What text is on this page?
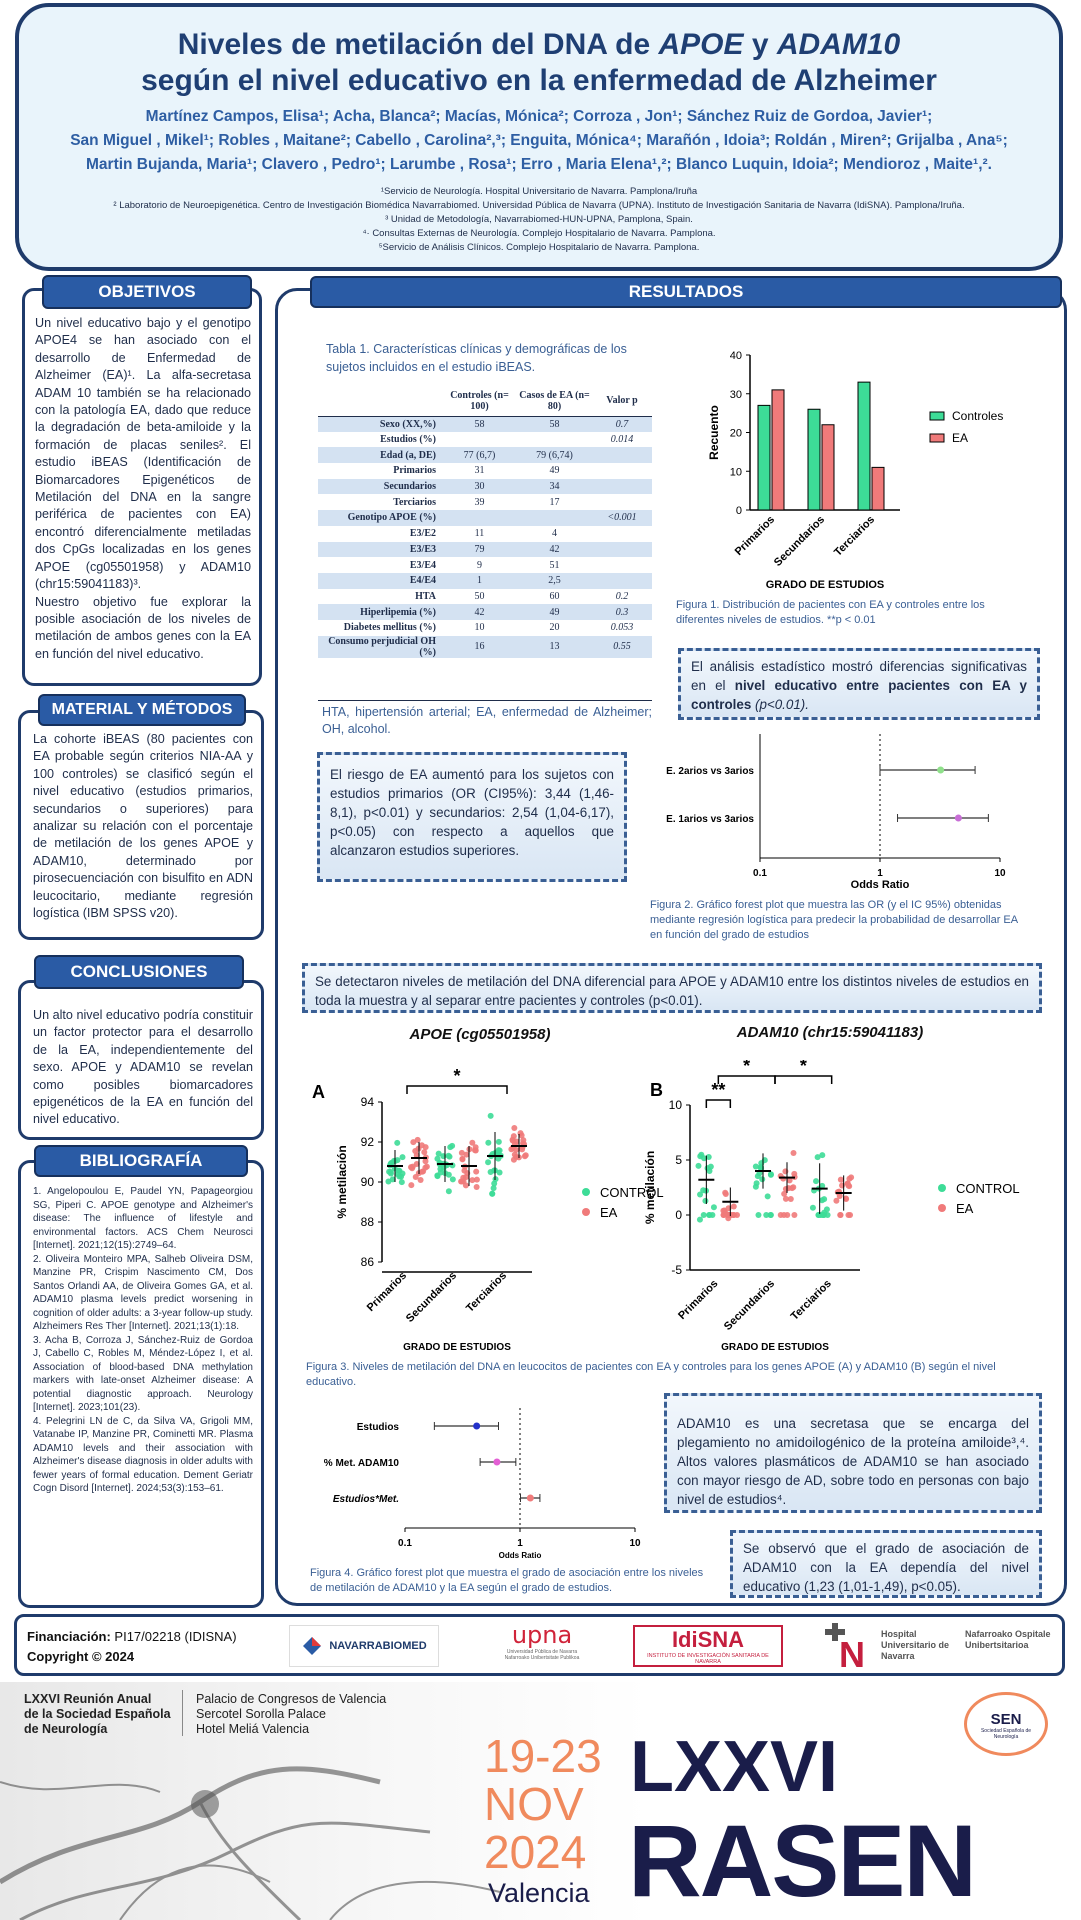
Niveles de metilación del DNA de APOE y ADAM10
según el nivel educativo en la enfermedad de Alzheimer
Martínez Campos, Elisa¹; Acha, Blanca²; Macías, Mónica²; Corroza , Jon¹; Sánchez Ruiz de Gordoa, Javier¹;
San Miguel , Mikel¹; Robles , Maitane²; Cabello , Carolina²,³; Enguita, Mónica⁴; Marañón , Idoia³; Roldán , Miren²; Grijalba , Ana⁵;
Martin Bujanda, Maria¹; Clavero , Pedro¹; Larumbe , Rosa¹; Erro , Maria Elena¹,²; Blanco Luquin, Idoia²; Mendioroz , Maite¹,².
¹Servicio de Neurología. Hospital Universitario de Navarra. Pamplona/Iruña
² Laboratorio de Neuroepigenética. Centro de Investigación Biomédica Navarrabiomed. Universidad Pública de Navarra (UPNA). Instituto de Investigación Sanitaria de Navarra (IdiSNA). Pamplona/Iruña.
³ Unidad de Metodología, Navarrabiomed-HUN-UPNA, Pamplona, Spain.
⁴· Consultas Externas de Neurología. Complejo Hospitalario de Navarra. Pamplona.
⁵Servicio de Análisis Clínicos. Complejo Hospitalario de Navarra. Pamplona.

Un nivel educativo bajo y el genotipo APOE4 se han asociado con el desarrollo de Enfermedad de Alzheimer (EA)¹. La alfa-secretasa ADAM 10 también se ha relacionado con la patología EA, dado que reduce la degradación de beta-amiloide y la formación de placas seniles². El estudio iBEAS (Identificación de Biomarcadores Epigenéticos de Metilación del DNA en la sangre periférica de pacientes con EA) encontró diferencialmente metiladas dos CpGs localizadas en los genes APOE (cg05501958) y ADAM10 (chr15:59041183)³.

Nuestro objetivo fue explorar la posible asociación de los niveles de metilación de ambos genes con la EA en función del nivel educativo.

OBJETIVOS
La cohorte iBEAS (80 pacientes con EA probable según criterios NIA-AA y 100 controles) se clasificó según el nivel educativo (estudios primarios, secundarios o superiores) para analizar su relación con el porcentaje de metilación de los genes APOE y ADAM10, determinado por pirosecuenciación con bisulfito en ADN leucocitario, mediante regresión logística (IBM SPSS v20).
MATERIAL Y MÉTODOS
Un alto nivel educativo podría constituir un factor protector para el desarrollo de la EA, independientemente del sexo. APOE y ADAM10 se revelan como posibles biomarcadores epigenéticos de la EA en función del nivel educativo.
CONCLUSIONES

1. Angelopoulou E, Paudel YN, Papageorgiou SG, Piperi C. APOE genotype and Alzheimer's disease: The influence of lifestyle and environmental factors. ACS Chem Neurosci [Internet]. 2021;12(15):2749–64.

2. Oliveira Monteiro MPA, Salheb Oliveira DSM, Manzine PR, Crispim Nascimento CM, Dos Santos Orlandi AA, de Oliveira Gomes GA, et al. ADAM10 plasma levels predict worsening in cognition of older adults: a 3-year follow-up study. Alzheimers Res Ther [Internet]. 2021;13(1):18.

3. Acha B, Corroza J, Sánchez-Ruiz de Gordoa J, Cabello C, Robles M, Méndez-López I, et al. Association of blood-based DNA methylation markers with late-onset Alzheimer disease: A potential diagnostic approach. Neurology [Internet]. 2023;101(23).

4. Pelegrini LN de C, da Silva VA, Grigoli MM, Vatanabe IP, Manzine PR, Cominetti MR. Plasma ADAM10 levels and their association with Alzheimer's disease diagnosis in older adults with fewer years of formal education. Dement Geriatr Cogn Disord [Internet]. 2024;53(3):153–61.

BIBLIOGRAFÍA
RESULTADOS
Tabla 1. Características clínicas y demográficas de los sujetos incluidos en el estudio iBEAS.
	Controles (n= 100)	Casos de EA (n= 80)	Valor p
Sexo (XX,%)	58	58	0.7
Estudios (%)			0.014
Edad (a, DE)	77 (6,7)	79 (6,74)	
Primarios	31	49	
Secundarios	30	34	
Terciarios	39	17	
Genotipo APOE (%)			<0.001
E3/E2	11	4	
E3/E3	79	42	
E3/E4	9	51	
E4/E4	1	2,5	
HTA	50	60	0.2
Hiperlipemia (%)	42	49	0.3
Diabetes mellitus (%)	10	20	0.053
Consumo perjudicial OH (%)	16	13	0.55
HTA, hipertensión arterial; EA, enfermedad de Alzheimer; OH, alcohol.
0
10
20
30
40
Recuento
Primarios
Secundarios Terciarios
GRADO DE ESTUDIOS
Controles
EA
Figura 1. Distribución de pacientes con EA y controles entre los diferentes niveles de estudios. **p < 0.01
El análisis estadístico mostró diferencias significativas en el nivel educativo entre pacientes con EA y controles (p<0.01).
El riesgo de EA aumentó para los sujetos con estudios primarios (OR (CI95%): 3,44 (1,46-8,1), p<0.01) y secundarios: 2,54 (1,04-6,17), p<0.05) con respecto a aquellos que alcanzaron estudios superiores.
0.1	1	10
Odds Ratio
E. 2arios vs 3arios
E. 1arios vs 3arios
Figura 2. Gráfico forest plot que muestra las OR (y el IC 95%) obtenidas mediante regresión logística para predecir la probabilidad de desarrollar EA en función del grado de estudios
Se detectaron niveles de metilación del DNA diferencial para APOE y ADAM10 entre los distintos niveles de estudios en toda la muestra y al separar entre pacientes y controles (p<0.01).
APOE (cg05501958)	ADAM10 (chr15:59041183)
86
88
90
92
94
% metilación
A
Primarios
Secundarios Terciarios
GRADO DE ESTUDIOS
CONTROL
EA
*
-5
0
5
10
% metilación
B
Primarios Secundarios Terciarios
GRADO DE ESTUDIOS
CONTROL
EA
**
*	*
Figura 3. Niveles de metilación del DNA en leucocitos de pacientes con EA y controles para los genes APOE (A) y ADAM10 (B) según el nivel educativo.
0.1	1	10
Odds Ratio
Estudios
% Met. ADAM10
Estudios*Met.
Figura 4. Gráfico forest plot que muestra el grado de asociación entre los niveles de metilación de ADAM10 y la EA según el grado de estudios.
ADAM10 es una secretasa que se encarga del plegamiento no amidoilogénico de la proteína amiloide³,⁴. Altos valores plasmáticos de ADAM10 se han asociado con mayor riesgo de AD, sobre todo en personas con bajo nivel de estudios⁴.
Se observó que el grado de asociación de ADAM10 con la EA dependía del nivel educativo (1,23 (1,01-1,49), p<0.05).
Financiación: PI17/02218 (IDISNA)
Copyright © 2024
NAVARRABIOMED	upna
Universidad Pública de Navarra
Nafarroako Unibertsitate Publikoa
IdiSNA
INSTITUTO DE INVESTIGACIÓN SANITARIA DE NAVARRA	N Hospital Universitario de Navarra
Nafarroako Ospitale Unibertsitarioa
LXXVI Reunión Anual
de la Sociedad Española
de Neurología
Palacio de Congresos de Valencia
Sercotel Sorolla Palace
Hotel Meliá Valencia
19-23
NOV
2024
Valencia
LXXVI
RASEN
SEN
Sociedad Española de Neurología
